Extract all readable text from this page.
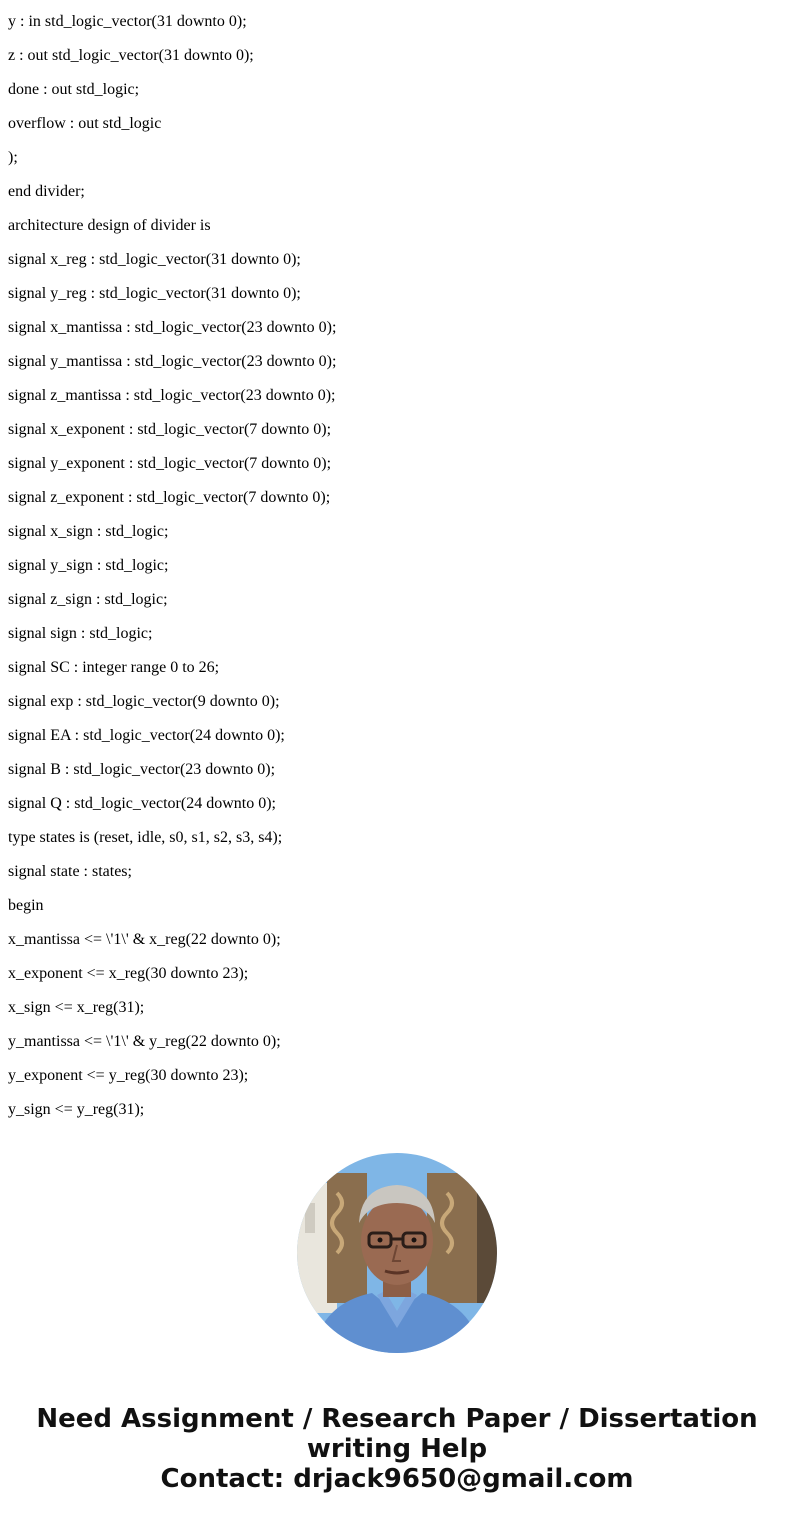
y : in std_logic_vector(31 downto 0);

z : out std_logic_vector(31 downto 0);

done : out std_logic;

overflow : out std_logic

);

end divider;

architecture design of divider is

signal x_reg : std_logic_vector(31 downto 0);

signal y_reg : std_logic_vector(31 downto 0);

signal x_mantissa : std_logic_vector(23 downto 0);

signal y_mantissa : std_logic_vector(23 downto 0);

signal z_mantissa : std_logic_vector(23 downto 0);

signal x_exponent : std_logic_vector(7 downto 0);

signal y_exponent : std_logic_vector(7 downto 0);

signal z_exponent : std_logic_vector(7 downto 0);

signal x_sign : std_logic;

signal y_sign : std_logic;

signal z_sign : std_logic;

signal sign : std_logic;

signal SC : integer range 0 to 26;

signal exp : std_logic_vector(9 downto 0);

signal EA : std_logic_vector(24 downto 0);

signal B : std_logic_vector(23 downto 0);

signal Q : std_logic_vector(24 downto 0);

type states is (reset, idle, s0, s1, s2, s3, s4);

signal state : states;

begin

x_mantissa <= \'1\' & x_reg(22 downto 0);

x_exponent <= x_reg(30 downto 23);

x_sign <= x_reg(31);

y_mantissa <= \'1\' & y_reg(22 downto 0);

y_exponent <= y_reg(30 downto 23);

y_sign <= y_reg(31);

Need Assignment / Research Paper / Dissertation
writing Help
Contact: drjack9650@gmail.com
